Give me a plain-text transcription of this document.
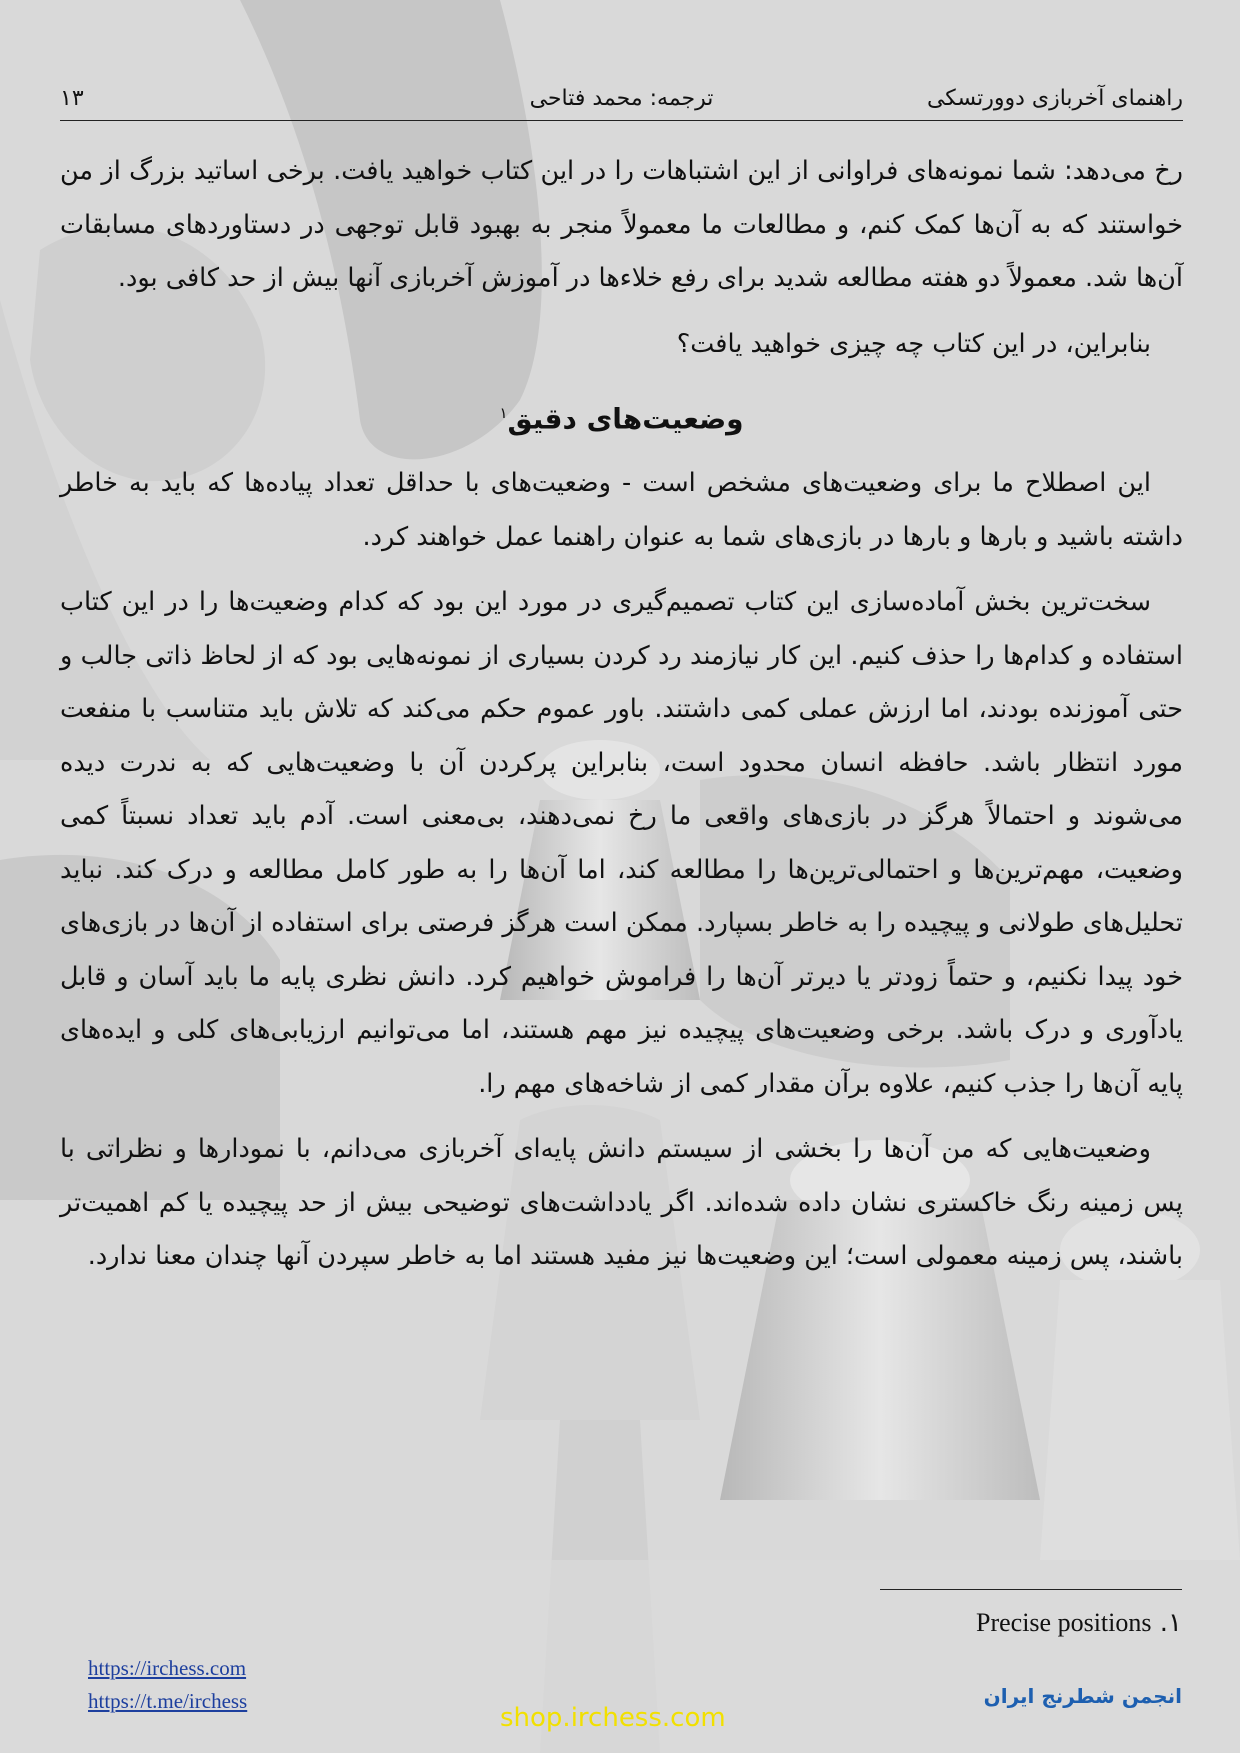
راهنمای آخربازی دوورتسکی
ترجمه: محمد فتاحی
۱۳

رخ می‌دهد: شما نمونه‌های فراوانی از این اشتباهات را در این کتاب خواهید یافت. برخی اساتید بزرگ از من خواستند که به آن‌ها کمک کنم، و مطالعات ما معمولاً منجر به بهبود قابل توجهی در دستاوردهای مسابقات آن‌ها شد. معمولاً دو هفته مطالعه شدید برای رفع خلاءها در آموزش آخربازی آنها بیش از حد کافی بود.

بنابراین، در این کتاب چه چیزی خواهید یافت؟

وضعیت‌های دقیق$^۱$

این اصطلاح ما برای وضعیت‌های مشخص است - وضعیت‌های با حداقل تعداد پیاده‌ها که باید به خاطر داشته باشید و بارها و بارها در بازی‌های شما به عنوان راهنما عمل خواهند کرد.

سخت‌ترین بخش آماده‌سازی این کتاب تصمیم‌گیری در مورد این بود که کدام وضعیت‌ها را در این کتاب استفاده و کدام‌ها را حذف کنیم. این کار نیازمند رد کردن بسیاری از نمونه‌هایی بود که از لحاظ ذاتی جالب و حتی آموزنده بودند، اما ارزش عملی کمی داشتند. باور عموم حکم می‌کند که تلاش باید متناسب با منفعت مورد انتظار باشد. حافظه انسان محدود است، بنابراین پرکردن آن با وضعیت‌هایی که به ندرت دیده می‌شوند و احتمالاً هرگز در بازی‌های واقعی ما رخ نمی‌دهند، بی‌معنی است. آدم باید تعداد نسبتاً کمی وضعیت، مهم‌ترین‌ها و احتمالی‌ترین‌ها را مطالعه کند، اما آن‌ها را به طور کامل مطالعه و درک کند. نباید تحلیل‌های طولانی و پیچیده را به خاطر بسپارد. ممکن است هرگز فرصتی برای استفاده از آن‌ها در بازی‌های خود پیدا نکنیم، و حتماً زودتر یا دیرتر آن‌ها را فراموش خواهیم کرد. دانش نظری پایه ما باید آسان و قابل یادآوری و درک باشد. برخی وضعیت‌های پیچیده نیز مهم هستند، اما می‌توانیم ارزیابی‌های کلی و ایده‌های پایه آن‌ها را جذب کنیم، علاوه برآن مقدار کمی از شاخه‌های مهم را.

وضعیت‌هایی که من آن‌ها را بخشی از سیستم دانش پایه‌ای آخربازی می‌دانم، با نمودارها و نظراتی با پس زمینه رنگ خاکستری نشان داده شده‌اند. اگر یادداشت‌های توضیحی بیش از حد پیچیده یا کم اهمیت‌تر باشند، پس زمینه معمولی است؛ این وضعیت‌ها نیز مفید هستند اما به خاطر سپردن آنها چندان معنا ندارد.

۱. Precise positions
https://irchess.com
https://t.me/irchess	انجمن شطرنج ایران
shop.irchess.com
